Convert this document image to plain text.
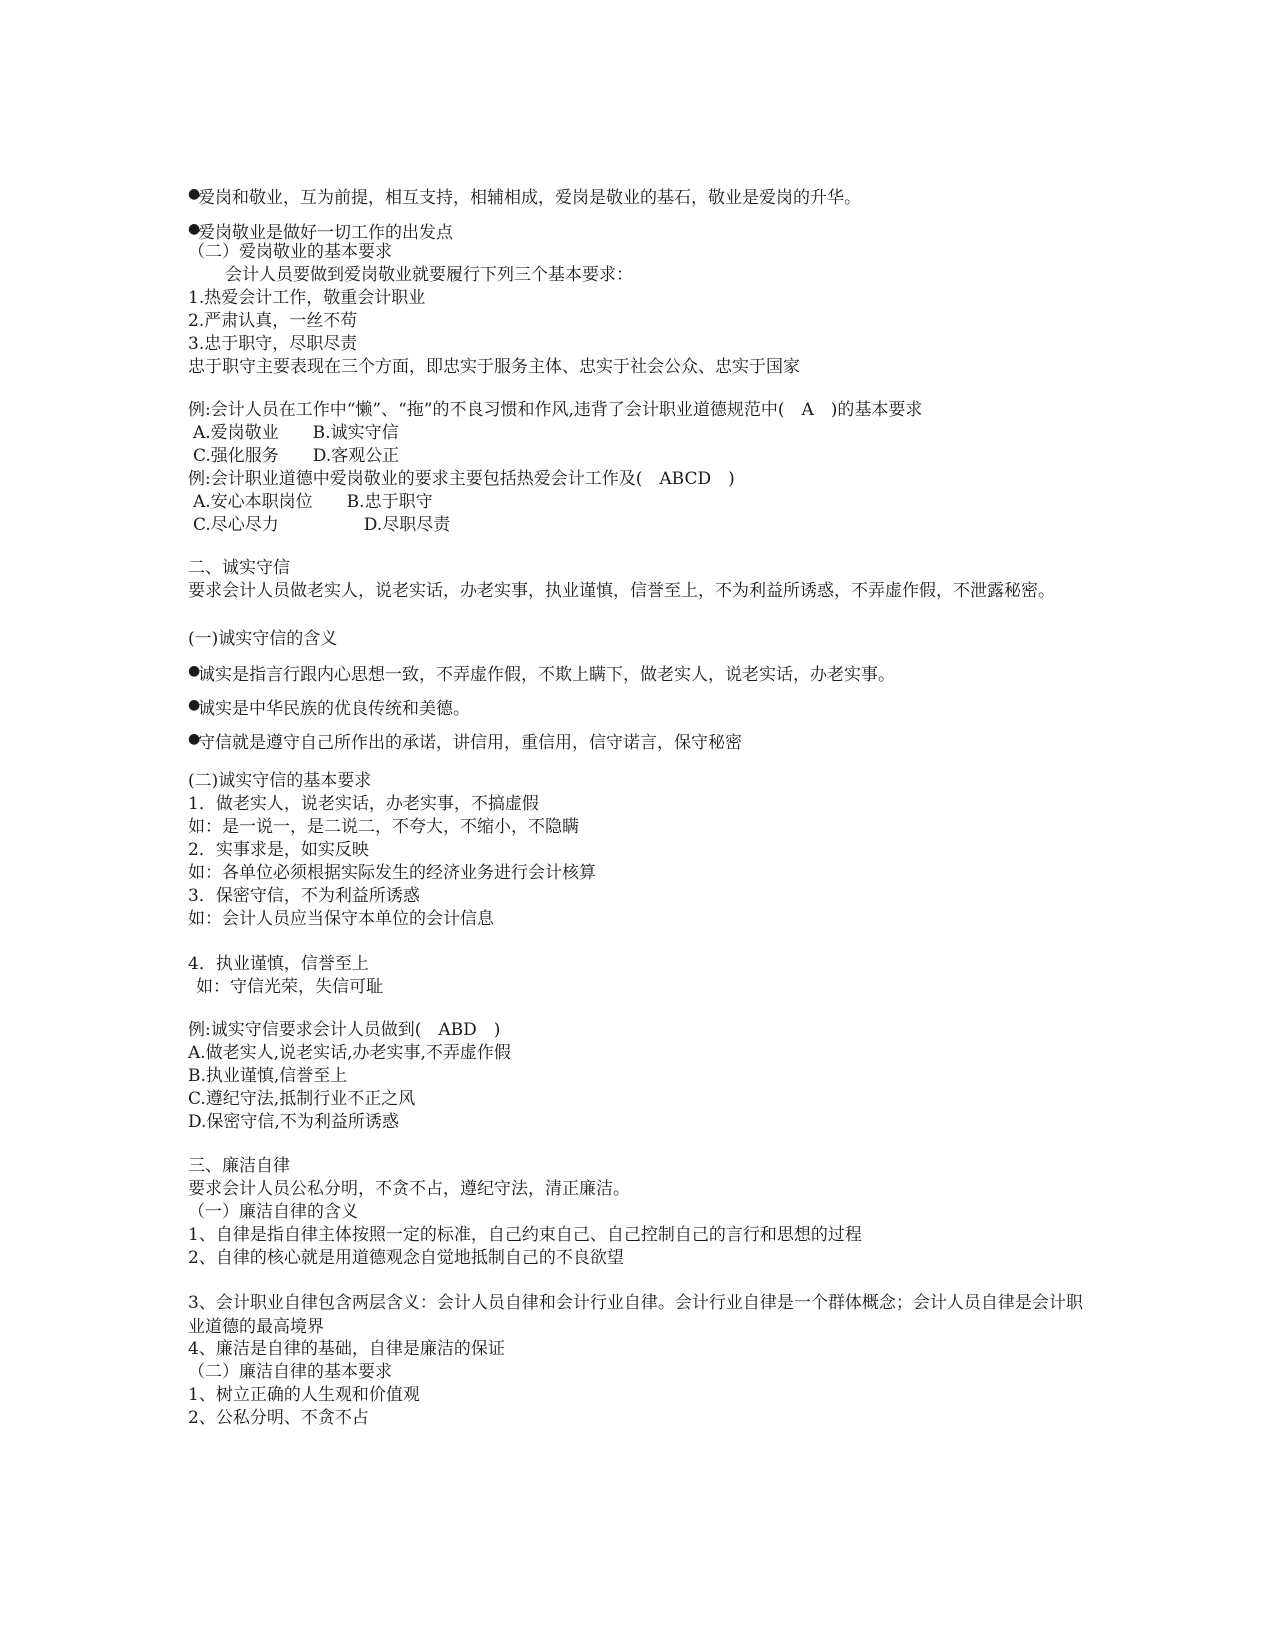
●爱岗和敬业，互为前提，相互支持，相辅相成，爱岗是敬业的基石，敬业是爱岗的升华。
●爱岗敬业是做好一切工作的出发点
（二）爱岗敬业的基本要求
会计人员要做到爱岗敬业就要履行下列三个基本要求：
1.热爱会计工作，敬重会计职业
2.严肃认真，一丝不苟
3.忠于职守，尽职尽责
忠于职守主要表现在三个方面，即忠实于服务主体、忠实于社会公众、忠实于国家
例:会计人员在工作中“懒”、“拖”的不良习惯和作风,违背了会计职业道德规范中(　A　)的基本要求
A.爱岗敬业　　B.诚实守信
C.强化服务　　D.客观公正
例:会计职业道德中爱岗敬业的要求主要包括热爱会计工作及(　ABCD　)
A.安心本职岗位　　B.忠于职守
C.尽心尽力　　　　　D.尽职尽责
二、诚实守信
要求会计人员做老实人，说老实话，办老实事，执业谨慎，信誉至上，不为利益所诱惑，不弄虚作假，不泄露秘密。
(一)诚实守信的含义
●诚实是指言行跟内心思想一致，不弄虚作假，不欺上瞒下，做老实人，说老实话，办老实事。
●诚实是中华民族的优良传统和美德。
●守信就是遵守自己所作出的承诺，讲信用，重信用，信守诺言，保守秘密
(二)诚实守信的基本要求
1．做老实人，说老实话，办老实事，不搞虚假
如：是一说一，是二说二，不夸大，不缩小，不隐瞒
2．实事求是，如实反映
如：各单位必须根据实际发生的经济业务进行会计核算
3．保密守信，不为利益所诱惑
如：会计人员应当保守本单位的会计信息
4．执业谨慎，信誉至上
如：守信光荣，失信可耻
例:诚实守信要求会计人员做到(　ABD　)
A.做老实人,说老实话,办老实事,不弄虚作假
B.执业谨慎,信誉至上
C.遵纪守法,抵制行业不正之风
D.保密守信,不为利益所诱惑
三、廉洁自律
要求会计人员公私分明，不贪不占，遵纪守法，清正廉洁。
（一）廉洁自律的含义
1、自律是指自律主体按照一定的标准，自己约束自己、自己控制自己的言行和思想的过程
2、自律的核心就是用道德观念自觉地抵制自己的不良欲望
3、会计职业自律包含两层含义：会计人员自律和会计行业自律。会计行业自律是一个群体概念；会计人员自律是会计职业道德的最高境界
4、廉洁是自律的基础，自律是廉洁的保证
（二）廉洁自律的基本要求
1、树立正确的人生观和价值观
2、公私分明、不贪不占
